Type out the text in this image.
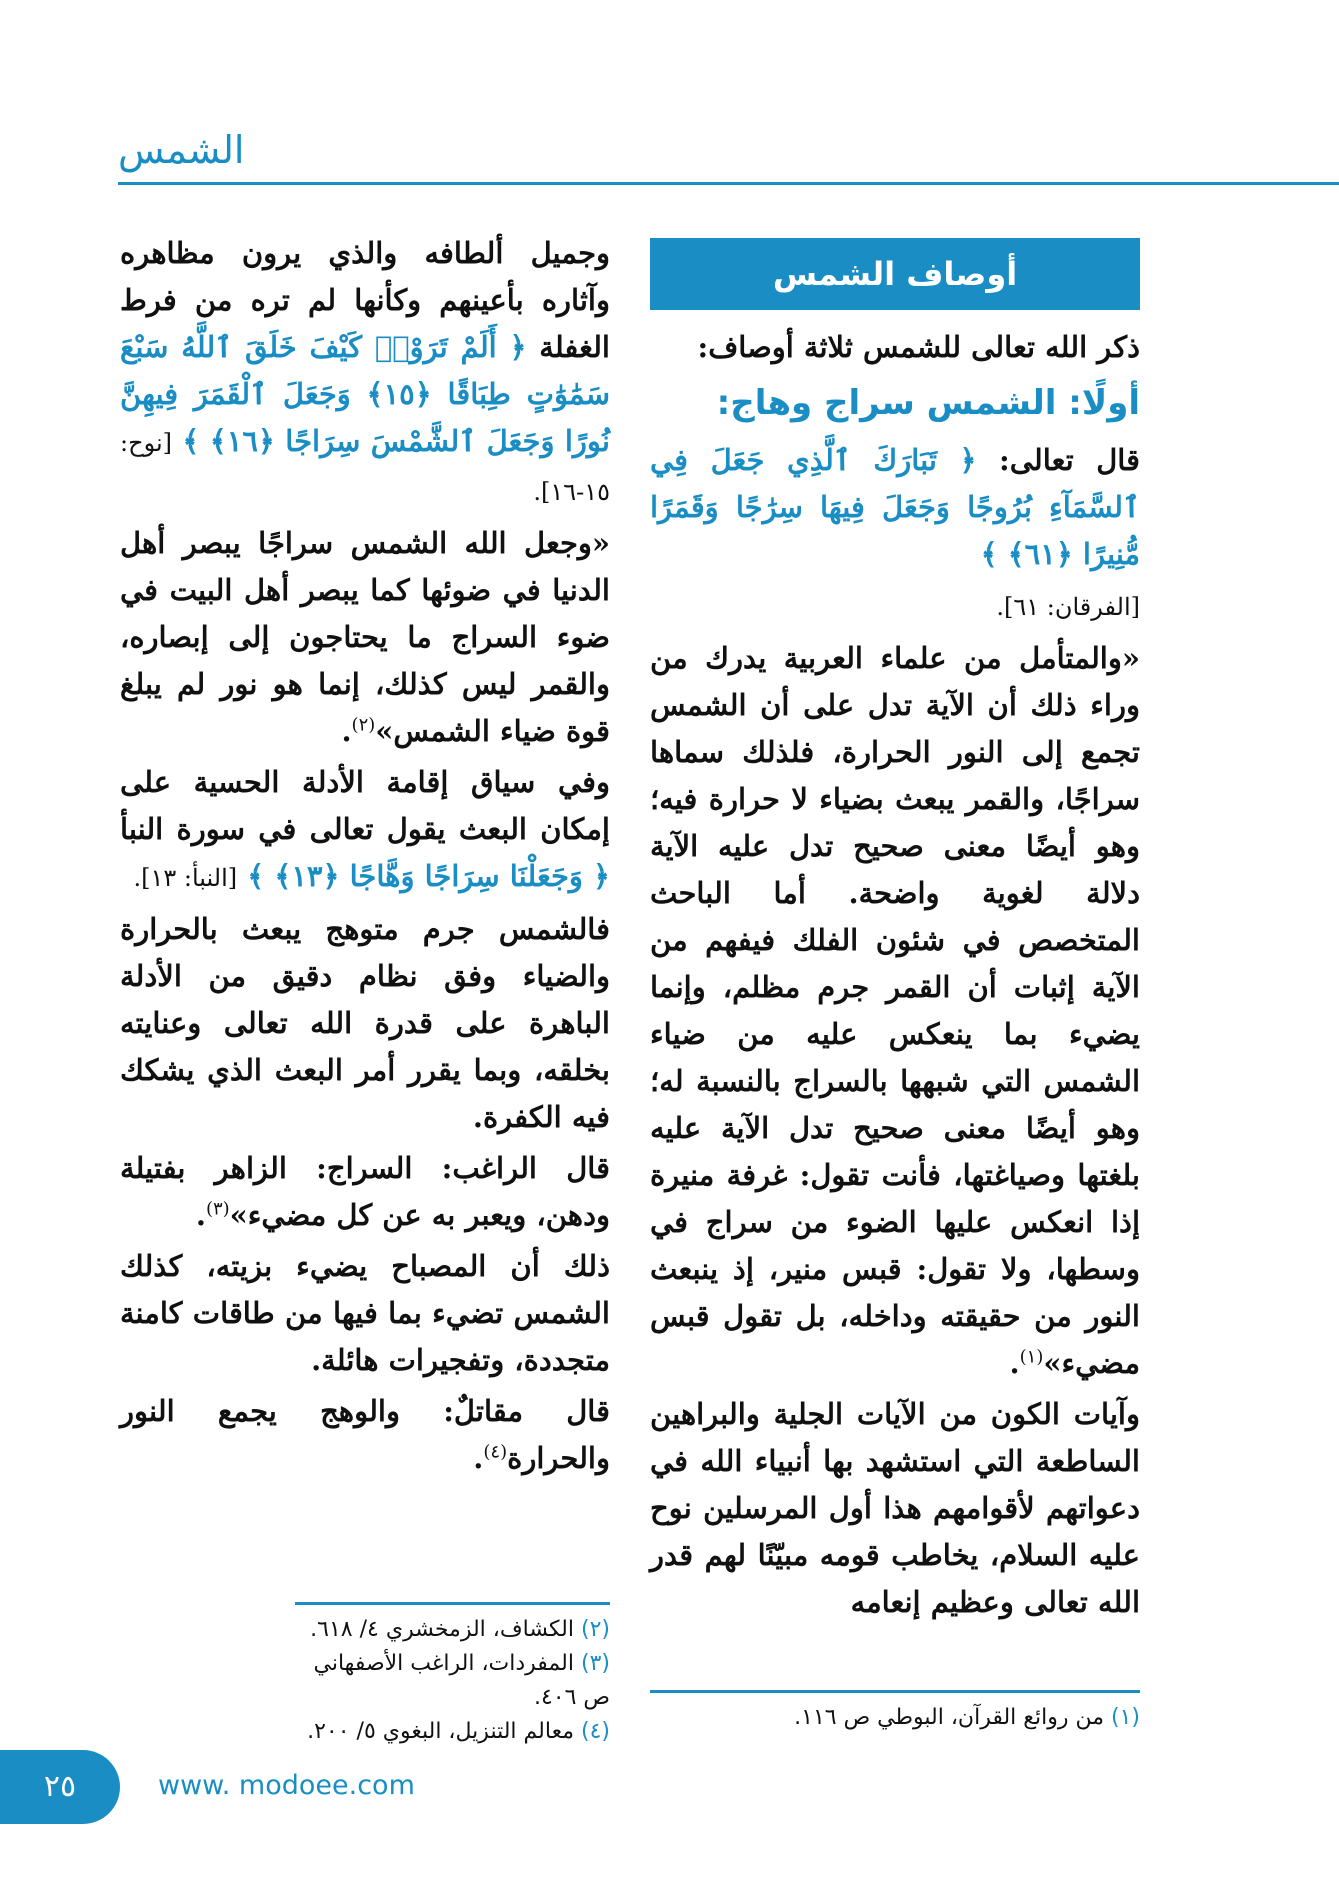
الشمس
أوصاف الشمس

ذكر الله تعالى للشمس ثلاثة أوصاف:

أولًا: الشمس سراج وهاج:

قال تعالى: ﴿ تَبَارَكَ ٱلَّذِي جَعَلَ فِي ٱلسَّمَآءِ بُرُوجًا وَجَعَلَ فِيهَا سِرَٰجًا وَقَمَرًا مُّنِيرًا ﴿٦١﴾ ﴾

[الفرقان: ٦١].

«والمتأمل من علماء العربية يدرك من وراء ذلك أن الآية تدل على أن الشمس تجمع إلى النور الحرارة، فلذلك سماها سراجًا، والقمر يبعث بضياء لا حرارة فيه؛ وهو أيضًا معنى صحيح تدل عليه الآية دلالة لغوية واضحة. أما الباحث المتخصص في شئون الفلك فيفهم من الآية إثبات أن القمر جرم مظلم، وإنما يضيء بما ينعكس عليه من ضياء الشمس التي شبهها بالسراج بالنسبة له؛ وهو أيضًا معنى صحيح تدل الآية عليه بلغتها وصياغتها، فأنت تقول: غرفة منيرة إذا انعكس عليها الضوء من سراج في وسطها، ولا تقول: قبس منير، إذ ينبعث النور من حقيقته وداخله، بل تقول قبس مضيء»$^{(١)}$.

وآيات الكون من الآيات الجلية والبراهين الساطعة التي استشهد بها أنبياء الله في دعواتهم لأقوامهم هذا أول المرسلين نوح عليه السلام، يخاطب قومه مبيّنًا لهم قدر الله تعالى وعظيم إنعامه

(١) من روائع القرآن، البوطي ص ١١٦.

وجميل ألطافه والذي يرون مظاهره وآثاره بأعينهم وكأنها لم تره من فرط الغفلة ﴿ أَلَمْ تَرَوْا۟ كَيْفَ خَلَقَ ٱللَّهُ سَبْعَ سَمَٰوَٰتٍ طِبَاقًا ﴿١٥﴾ وَجَعَلَ ٱلْقَمَرَ فِيهِنَّ نُورًا وَجَعَلَ ٱلشَّمْسَ سِرَاجًا ﴿١٦﴾ ﴾ [نوح: ١٥-١٦].

«وجعل الله الشمس سراجًا يبصر أهل الدنيا في ضوئها كما يبصر أهل البيت في ضوء السراج ما يحتاجون إلى إبصاره، والقمر ليس كذلك، إنما هو نور لم يبلغ قوة ضياء الشمس»$^{(٢)}$.

وفي سياق إقامة الأدلة الحسية على إمكان البعث يقول تعالى في سورة النبأ ﴿ وَجَعَلْنَا سِرَاجًا وَهَّاجًا ﴿١٣﴾ ﴾ [النبأ: ١٣].

فالشمس جرم متوهج يبعث بالحرارة والضياء وفق نظام دقيق من الأدلة الباهرة على قدرة الله تعالى وعنايته بخلقه، وبما يقرر أمر البعث الذي يشكك فيه الكفرة.

قال الراغب: السراج: الزاهر بفتيلة ودهن، ويعبر به عن كل مضيء»$^{(٣)}$.

ذلك أن المصباح يضيء بزيته، كذلك الشمس تضيء بما فيها من طاقات كامنة متجددة، وتفجيرات هائلة.

قال مقاتلٌ: والوهج يجمع النور والحرارة$^{(٤)}$.

(٢) الكشاف، الزمخشري ٤/ ٦١٨.
(٣) المفردات، الراغب الأصفهاني ص ٤٠٦.
(٤) معالم التنزيل، البغوي ٥/ ٢٠٠.
٢٥	www. modoee.com
